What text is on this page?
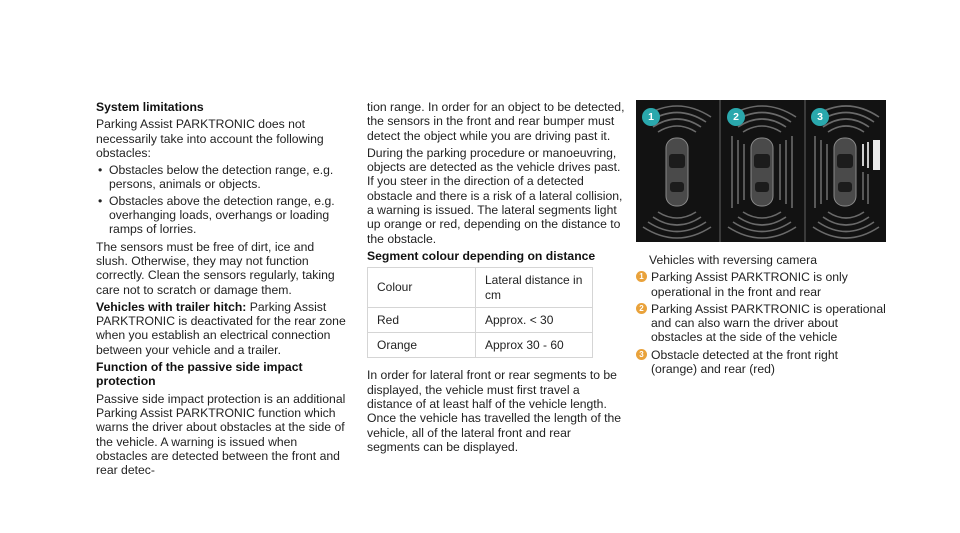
System limitations

Parking Assist PARKTRONIC does not necessarily take into account the following obstacles:

• Obstacles below the detection range, e.g. persons, animals or objects.
• Obstacles above the detection range, e.g. overhanging loads, overhangs or loading ramps of lorries.

The sensors must be free of dirt, ice and slush. Otherwise, they may not function correctly. Clean the sensors regularly, taking care not to scratch or damage them.

Vehicles with trailer hitch: Parking Assist PARKTRONIC is deactivated for the rear zone when you establish an electrical connection between your vehicle and a trailer.

Function of the passive side impact protection

Passive side impact protection is an additional Parking Assist PARKTRONIC function which warns the driver about obstacles at the side of the vehicle. A warning is issued when obstacles are detected between the front and rear detec-

tion range. In order for an object to be detected, the sensors in the front and rear bumper must detect the object while you are driving past it.

During the parking procedure or manoeuvring, objects are detected as the vehicle drives past. If you steer in the direction of a detected obstacle and there is a risk of a lateral collision, a warning is issued. The lateral segments light up orange or red, depending on the distance to the obstacle.

Segment colour depending on distance
Colour	Lateral distance in cm
Red	Approx. < 30
Orange	Approx 30 - 60

In order for lateral front or rear segments to be displayed, the vehicle must first travel a distance of at least half of the vehicle length. Once the vehicle has travelled the length of the vehicle, all of the lateral front and rear segments can be displayed.

1	2	3

Vehicles with reversing camera

1 Parking Assist PARKTRONIC is only operational in the front and rear
2 Parking Assist PARKTRONIC is operational and can also warn the driver about obstacles at the side of the vehicle
3 Obstacle detected at the front right (orange) and rear (red)
